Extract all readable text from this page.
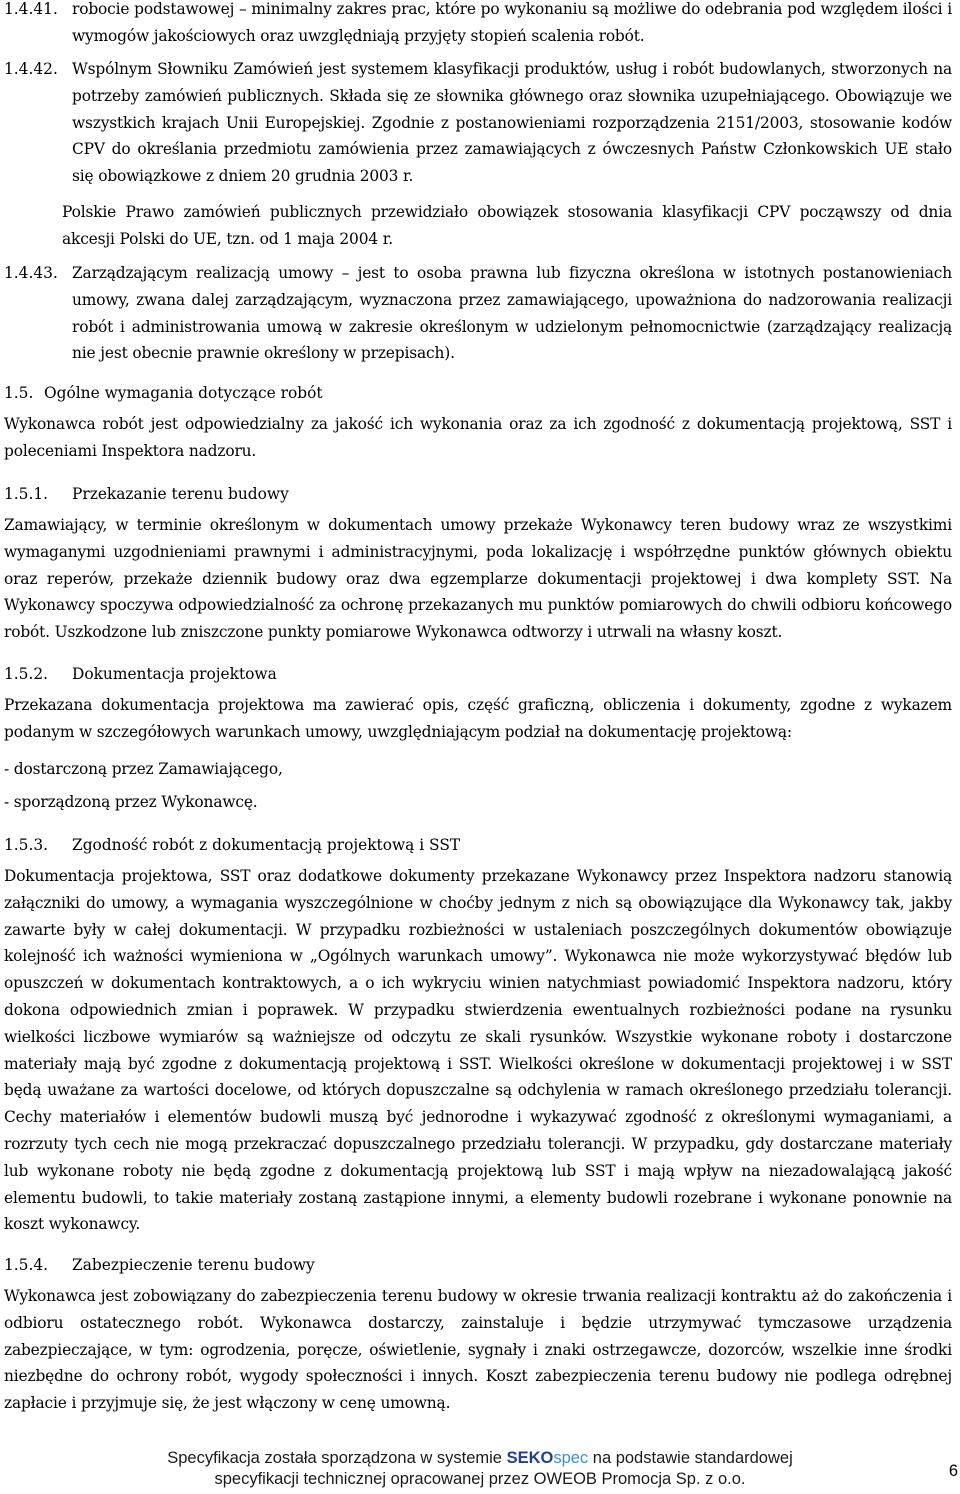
1.4.41. robocie podstawowej – minimalny zakres prac, które po wykonaniu są możliwe do odebrania pod względem ilości i wymogów jakościowych oraz uwzględniają przyjęty stopień scalenia robót.

1.4.42. Wspólnym Słowniku Zamówień jest systemem klasyfikacji produktów, usług i robót budowlanych, stworzonych na potrzeby zamówień publicznych. Składa się ze słownika głównego oraz słownika uzupełniającego. Obowiązuje we wszystkich krajach Unii Europejskiej. Zgodnie z postanowieniami rozporządzenia 2151/2003, stosowanie kodów CPV do określania przedmiotu zamówienia przez zamawiających z ówczesnych Państw Członkowskich UE stało się obowiązkowe z dniem 20 grudnia 2003 r.

Polskie Prawo zamówień publicznych przewidziało obowiązek stosowania klasyfikacji CPV począwszy od dnia akcesji Polski do UE, tzn. od 1 maja 2004 r.

1.4.43. Zarządzającym realizacją umowy – jest to osoba prawna lub fizyczna określona w istotnych postanowieniach umowy, zwana dalej zarządzającym, wyznaczona przez zamawiającego, upoważniona do nadzorowania realizacji robót i administrowania umową w zakresie określonym w udzielonym pełnomocnictwie (zarządzający realizacją nie jest obecnie prawnie określony w przepisach).

1.5. Ogólne wymagania dotyczące robót

Wykonawca robót jest odpowiedzialny za jakość ich wykonania oraz za ich zgodność z dokumentacją projektową, SST i poleceniami Inspektora nadzoru.

1.5.1.	Przekazanie terenu budowy

Zamawiający, w terminie określonym w dokumentach umowy przekaże Wykonawcy teren budowy wraz ze wszystkimi wymaganymi uzgodnieniami prawnymi i administracyjnymi, poda lokalizację i współrzędne punktów głównych obiektu oraz reperów, przekaże dziennik budowy oraz dwa egzemplarze dokumentacji projektowej i dwa komplety SST. Na Wykonawcy spoczywa odpowiedzialność za ochronę przekazanych mu punktów pomiarowych do chwili odbioru końcowego robót. Uszkodzone lub zniszczone punkty pomiarowe Wykonawca odtworzy i utrwali na własny koszt.

1.5.2.	Dokumentacja projektowa

Przekazana dokumentacja projektowa ma zawierać opis, część graficzną, obliczenia i dokumenty, zgodne z wykazem podanym w szczegółowych warunkach umowy, uwzględniającym podział na dokumentację projektową:

- dostarczoną przez Zamawiającego,

- sporządzoną przez Wykonawcę.

1.5.3.	Zgodność robót z dokumentacją projektową i SST

Dokumentacja projektowa, SST oraz dodatkowe dokumenty przekazane Wykonawcy przez Inspektora nadzoru stanowią załączniki do umowy, a wymagania wyszczególnione w choćby jednym z nich są obowiązujące dla Wykonawcy tak, jakby zawarte były w całej dokumentacji. W przypadku rozbieżności w ustaleniach poszczególnych dokumentów obowiązuje kolejność ich ważności wymieniona w „Ogólnych warunkach umowy”. Wykonawca nie może wykorzystywać błędów lub opuszczeń w dokumentach kontraktowych, a o ich wykryciu winien natychmiast powiadomić Inspektora nadzoru, który dokona odpowiednich zmian i poprawek. W przypadku stwierdzenia ewentualnych rozbieżności podane na rysunku wielkości liczbowe wymiarów są ważniejsze od odczytu ze skali rysunków. Wszystkie wykonane roboty i dostarczone materiały mają być zgodne z dokumentacją projektową i SST. Wielkości określone w dokumentacji projektowej i w SST będą uważane za wartości docelowe, od których dopuszczalne są odchylenia w ramach określonego przedziału tolerancji. Cechy materiałów i elementów budowli muszą być jednorodne i wykazywać zgodność z określonymi wymaganiami, a rozrzuty tych cech nie mogą przekraczać dopuszczalnego przedziału tolerancji. W przypadku, gdy dostarczane materiały lub wykonane roboty nie będą zgodne z dokumentacją projektową lub SST i mają wpływ na niezadowalającą jakość elementu budowli, to takie materiały zostaną zastąpione innymi, a elementy budowli rozebrane i wykonane ponownie na koszt wykonawcy.

1.5.4.	Zabezpieczenie terenu budowy

Wykonawca jest zobowiązany do zabezpieczenia terenu budowy w okresie trwania realizacji kontraktu aż do zakończenia i odbioru ostatecznego robót. Wykonawca dostarczy, zainstaluje i będzie utrzymywać tymczasowe urządzenia zabezpieczające, w tym: ogrodzenia, poręcze, oświetlenie, sygnały i znaki ostrzegawcze, dozorców, wszelkie inne środki niezbędne do ochrony robót, wygody społeczności i innych. Koszt zabezpieczenia terenu budowy nie podlega odrębnej zapłacie i przyjmuje się, że jest włączony w cenę umowną.

Specyfikacja została sporządzona w systemie SEKOspec na podstawie standardowej
specyfikacji technicznej opracowanej przez OWEOB Promocja Sp. z o.o.	6
